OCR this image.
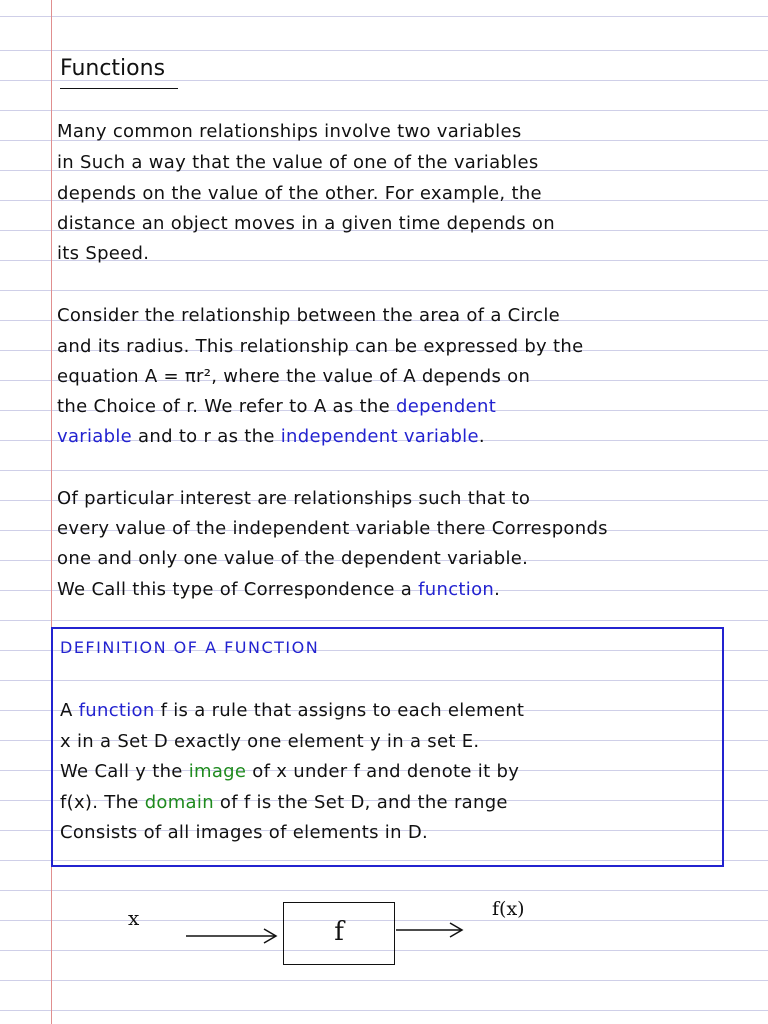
Functions
Many common relationships involve two variables
in Such a way that the value of one of the variables
depends on the value of the other. For example, the
distance an object moves in a given time depends on
its Speed.
Consider the relationship between the area of a Circle
and its radius. This relationship can be expressed by the
equation A = πr², where the value of A depends on
the Choice of r. We refer to A as the dependent
variable and to r as the independent variable.
Of particular interest are relationships such that to
every value of the independent variable there Corresponds
one and only one value of the dependent variable.
We Call this type of Correspondence a function.
DEFINITION OF A FUNCTION
A function f is a rule that assigns to each element
x in a Set D exactly one element y in a set E.
We Call y the image of x under f and denote it by
f(x). The domain of f is the Set D, and the range
Consists of all images of elements in D.
x	f
f(x)
